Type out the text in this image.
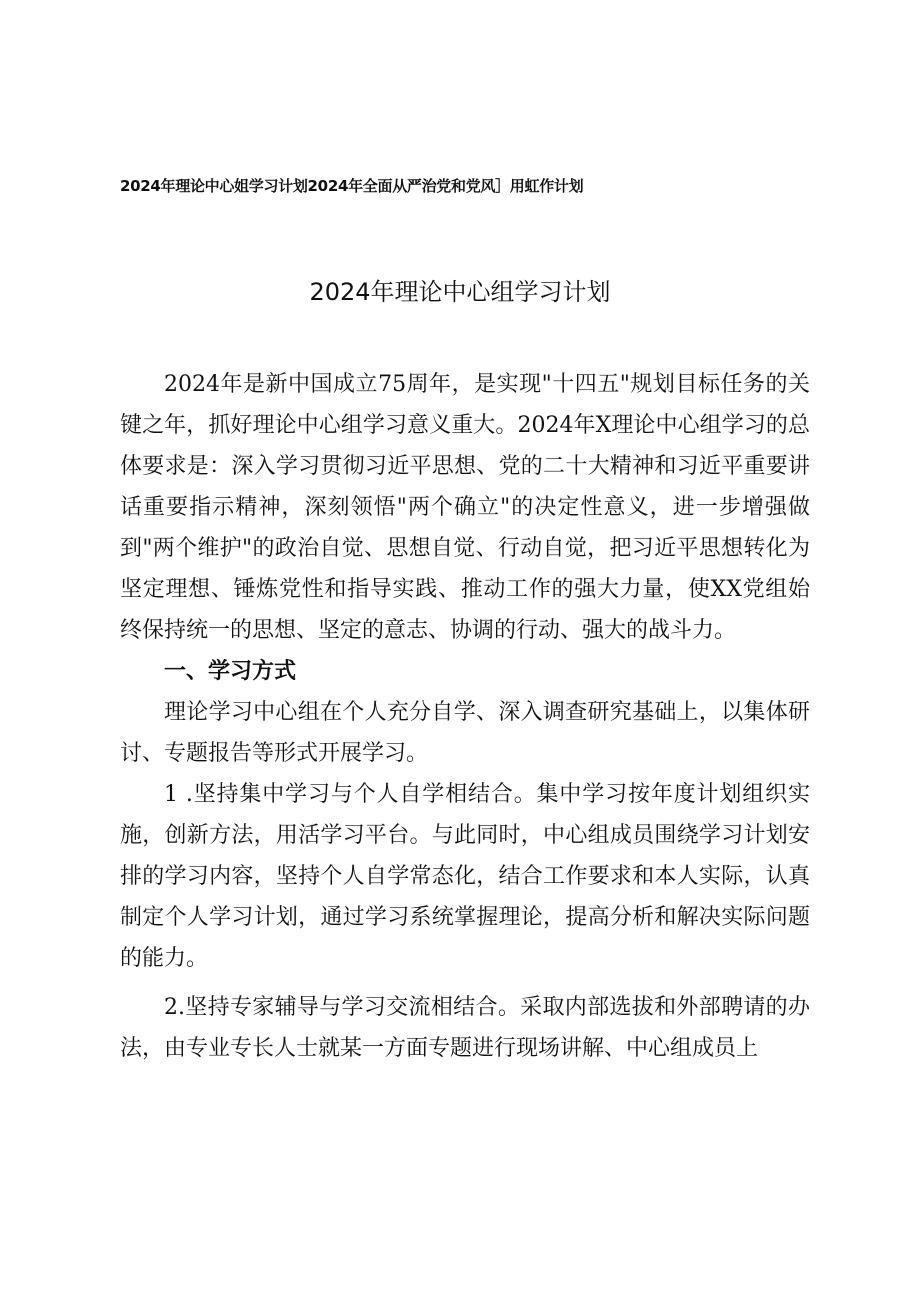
2024年理论中心姐学习计划2024年全面从严治党和党风］用虹作计划
2024年理论中心组学习计划

2024年是新中国成立75周年，是实现"十四五"规划目标任务的关键之年，抓好理论中心组学习意义重大。2024年X理论中心组学习的总体要求是：深入学习贯彻习近平思想、党的二十大精神和习近平重要讲话重要指示精神，深刻领悟"两个确立"的决定性意义，进一步增强做到"两个维护"的政治自觉、思想自觉、行动自觉，把习近平思想转化为坚定理想、锤炼党性和指导实践、推动工作的强大力量，使XX党组始终保持统一的思想、坚定的意志、协调的行动、强大的战斗力。

一、学习方式

理论学习中心组在个人充分自学、深入调查研究基础上，以集体研讨、专题报告等形式开展学习。

1 .坚持集中学习与个人自学相结合。集中学习按年度计划组织实施，创新方法，用活学习平台。与此同时，中心组成员围绕学习计划安排的学习内容，坚持个人自学常态化，结合工作要求和本人实际，认真制定个人学习计划，通过学习系统掌握理论，提高分析和解决实际问题的能力。

2.坚持专家辅导与学习交流相结合。采取内部选拔和外部聘请的办法，由专业专长人士就某一方面专题进行现场讲解、中心组成员上
